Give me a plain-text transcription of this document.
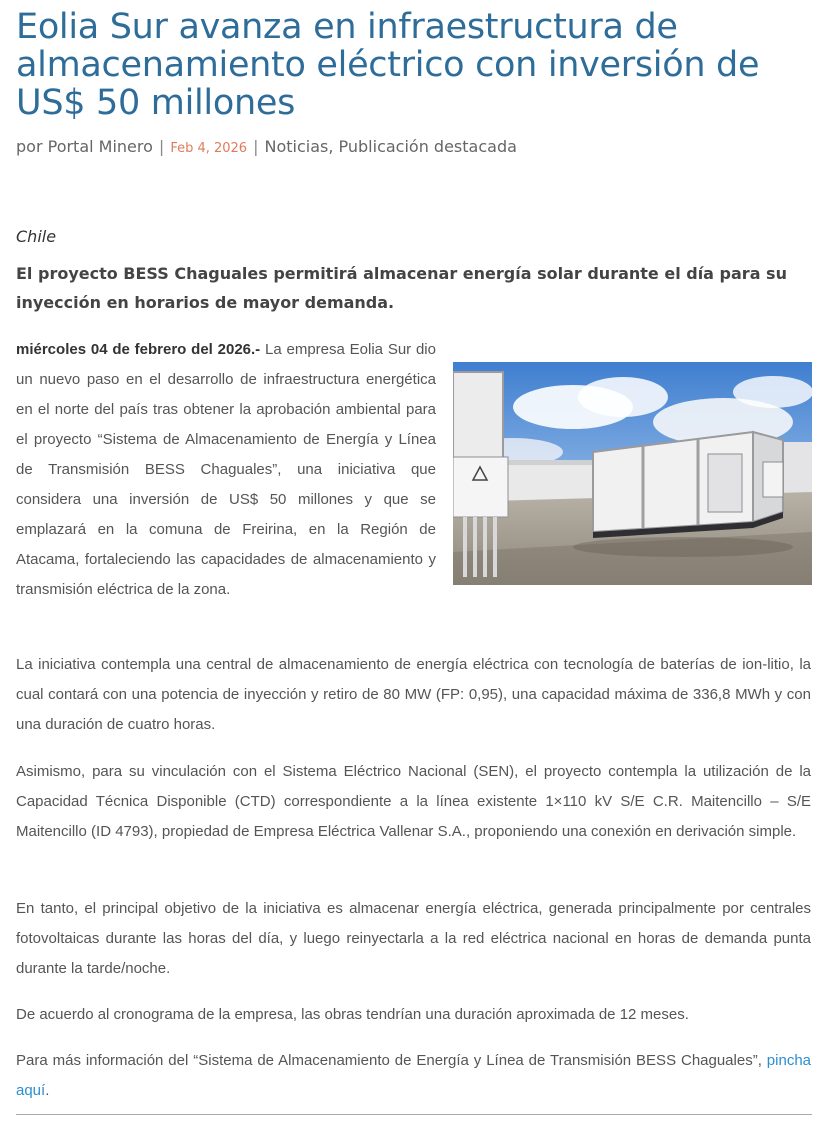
Eolia Sur avanza en infraestructura de almacenamiento eléctrico con inversión de US$ 50 millones
por Portal Minero | Feb 4, 2026 | Noticias, Publicación destacada
Chile

El proyecto BESS Chaguales permitirá almacenar energía solar durante el día para su inyección en horarios de mayor demanda.

miércoles 04 de febrero del 2026.- La empresa Eolia Sur dio un nuevo paso en el desarrollo de infraestructura energética en el norte del país tras obtener la aprobación ambiental para el proyecto “Sistema de Almacenamiento de Energía y Línea de Transmisión BESS Chaguales”, una iniciativa que considera una inversión de US$ 50 millones y que se emplazará en la comuna de Freirina, en la Región de Atacama, fortaleciendo las capacidades de almacenamiento y transmisión eléctrica de la zona.

La iniciativa contempla una central de almacenamiento de energía eléctrica con tecnología de baterías de ion-litio, la cual contará con una potencia de inyección y retiro de 80 MW (FP: 0,95), una capacidad máxima de 336,8 MWh y con una duración de cuatro horas.

Asimismo, para su vinculación con el Sistema Eléctrico Nacional (SEN), el proyecto contempla la utilización de la Capacidad Técnica Disponible (CTD) correspondiente a la línea existente 1×110 kV S/E C.R. Maitencillo – S/E Maitencillo (ID 4793), propiedad de Empresa Eléctrica Vallenar S.A., proponiendo una conexión en derivación simple.

En tanto, el principal objetivo de la iniciativa es almacenar energía eléctrica, generada principalmente por centrales fotovoltaicas durante las horas del día, y luego reinyectarla a la red eléctrica nacional en horas de demanda punta durante la tarde/noche.

De acuerdo al cronograma de la empresa, las obras tendrían una duración aproximada de 12 meses.

Para más información del “Sistema de Almacenamiento de Energía y Línea de Transmisión BESS Chaguales”, pincha aquí.
